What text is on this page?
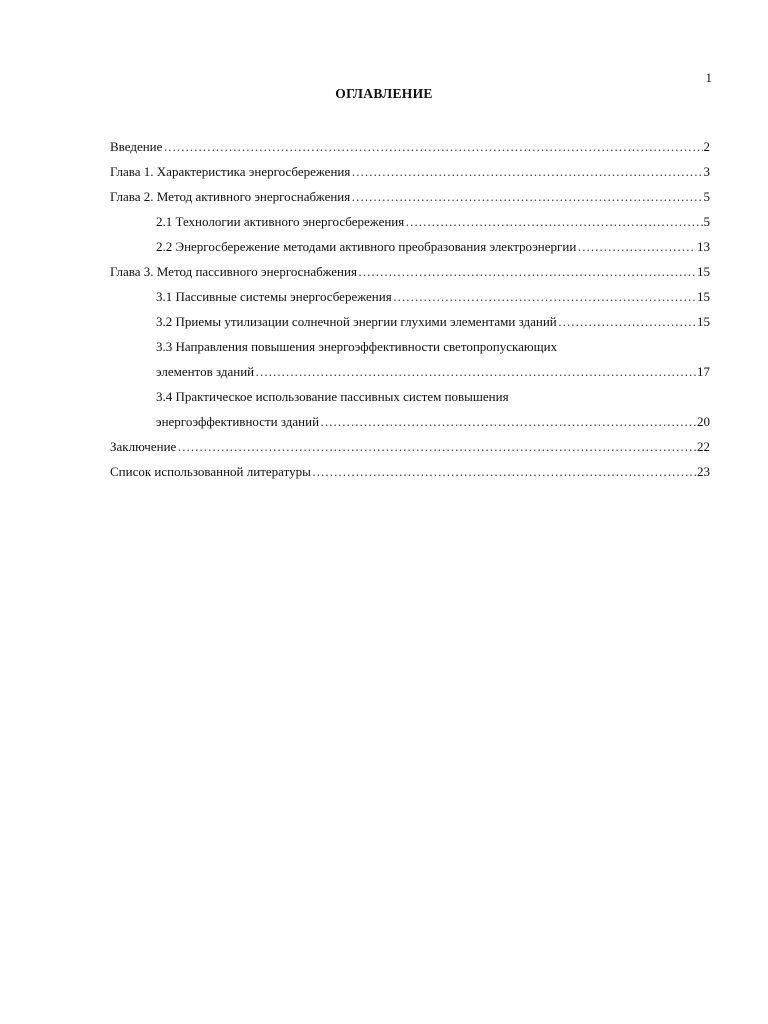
1
ОГЛАВЛЕНИЕ
Введение ……………………………………………………………………………………………………………………………………………………………………………………	2
Глава 1. Характеристика энергосбережения ……………………………………………………………………………………………………………………………………………………………………………………	3
Глава 2. Метод активного энергоснабжения ……………………………………………………………………………………………………………………………………………………………………………………	5
2.1 Технологии активного энергосбережения ……………………………………………………………………………………………………………………………………………………………………………………	5
2.2 Энергосбережение методами активного преобразования электроэнергии ……………………………………………………………………………………………………………………………………………………………………………………	13
Глава 3. Метод пассивного энергоснабжения ……………………………………………………………………………………………………………………………………………………………………………………	15
3.1 Пассивные системы энергосбережения ……………………………………………………………………………………………………………………………………………………………………………………	15
3.2 Приемы утилизации солнечной энергии глухими элементами зданий ……………………………………………………………………………………………………………………………………………………………………………………	15
3.3 Направления повышения энергоэффективности светопропускающих
элементов зданий ……………………………………………………………………………………………………………………………………………………………………………………	17
3.4 Практическое использование пассивных систем повышения
энергоэффективности зданий ……………………………………………………………………………………………………………………………………………………………………………………	20
Заключение ……………………………………………………………………………………………………………………………………………………………………………………	22
Список использованной литературы ……………………………………………………………………………………………………………………………………………………………………………………	23
